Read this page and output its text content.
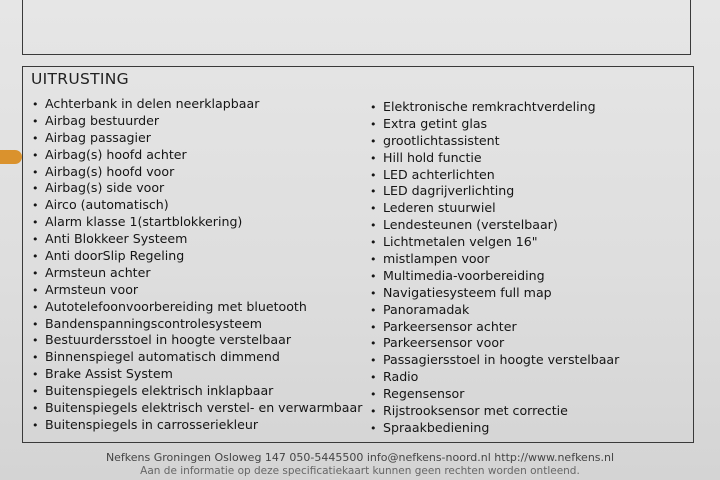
UITRUSTING
• Achterbank in delen neerklapbaar
• Airbag bestuurder
• Airbag passagier
• Airbag(s) hoofd achter
• Airbag(s) hoofd voor
• Airbag(s) side voor
• Airco (automatisch)
• Alarm klasse 1(startblokkering)
• Anti Blokkeer Systeem
• Anti doorSlip Regeling
• Armsteun achter
• Armsteun voor
• Autotelefoonvoorbereiding met bluetooth
• Bandenspanningscontrolesysteem
• Bestuurdersstoel in hoogte verstelbaar
• Binnenspiegel automatisch dimmend
• Brake Assist System
• Buitenspiegels elektrisch inklapbaar
• Buitenspiegels elektrisch verstel- en verwarmbaar
• Buitenspiegels in carrosseriekleur
• Elektronische remkrachtverdeling
• Extra getint glas
• grootlichtassistent
• Hill hold functie
• LED achterlichten
• LED dagrijverlichting
• Lederen stuurwiel
• Lendesteunen (verstelbaar)
• Lichtmetalen velgen 16"
• mistlampen voor
• Multimedia-voorbereiding
• Navigatiesysteem full map
• Panoramadak
• Parkeersensor achter
• Parkeersensor voor
• Passagiersstoel in hoogte verstelbaar
• Radio
• Regensensor
• Rijstrooksensor met correctie
• Spraakbediening
Nefkens Groningen Osloweg 147 050-5445500 info@nefkens-noord.nl http://www.nefkens.nl
Aan de informatie op deze specificatiekaart kunnen geen rechten worden ontleend.
